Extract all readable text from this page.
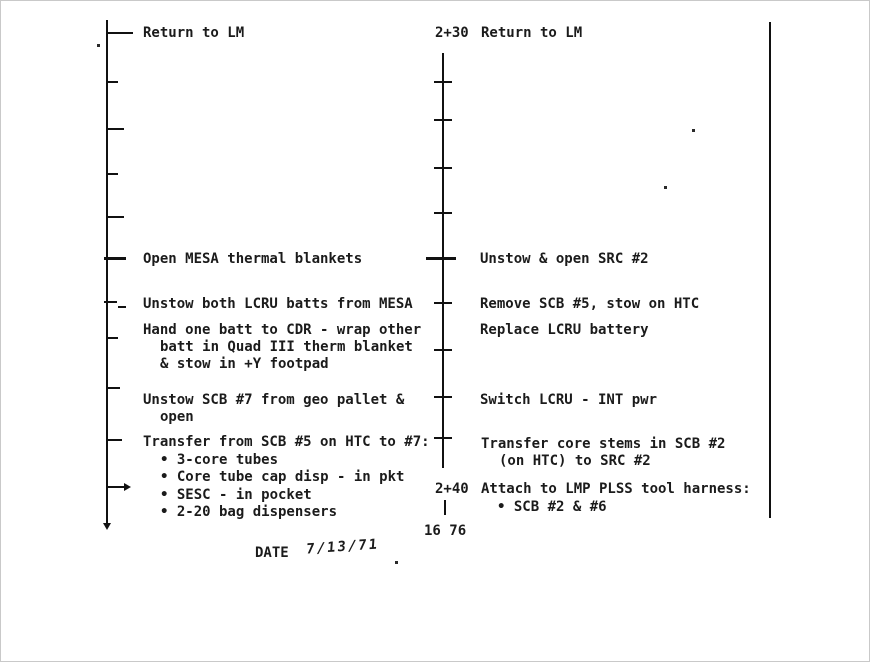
Return to LM
Open MESA thermal blankets
Unstow both LCRU batts from MESA
Hand one batt to CDR - wrap other
batt in Quad III therm blanket
& stow in +Y footpad
Unstow SCB #7 from geo pallet &
open
Transfer from SCB #5 on HTC to #7:
• 3-core tubes
• Core tube cap disp - in pkt
• SESC - in pocket
• 2-20 bag dispensers
2+30 Return to LM
Unstow & open SRC #2
Remove SCB #5, stow on HTC
Replace LCRU battery
Switch LCRU - INT pwr
Transfer core stems in SCB #2
(on HTC) to SRC #2
2+40 Attach to LMP PLSS tool harness:
• SCB #2 & #6
16 76
DATE 7/13/71
